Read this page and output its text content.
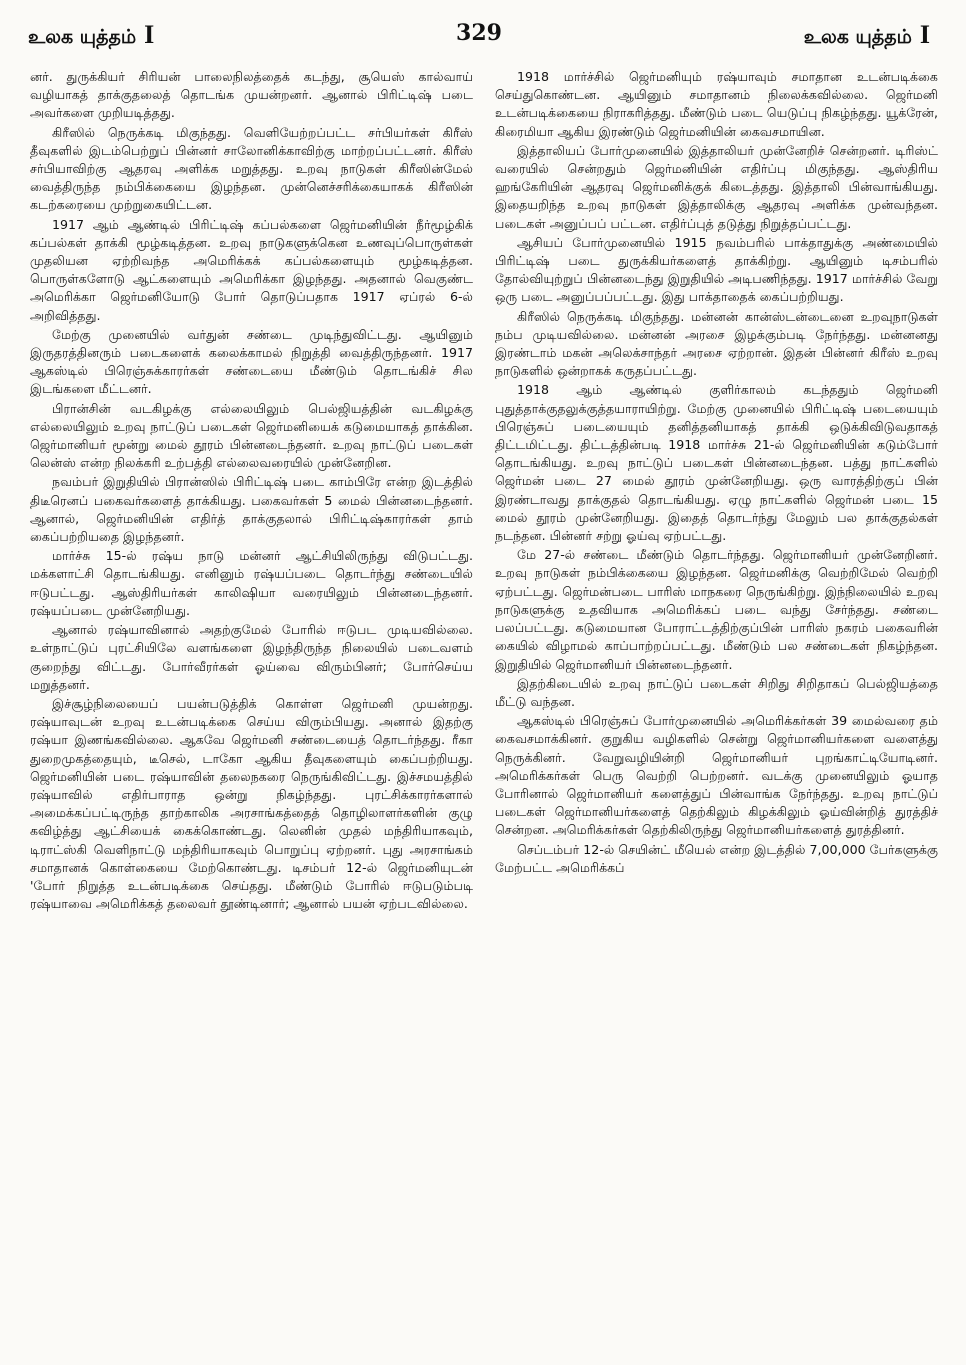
உலக யுத்தம் I	329	உலக யுத்தம் I

னர். துருக்கியர் சிரியன் பாலைநிலத்தைக் கடந்து, சூயெஸ் கால்வாய் வழியாகத் தாக்குதலைத் தொடங்க முயன்றனர். ஆனால் பிரிட்டிஷ் படை அவர்களை முறியடித்தது.

கிரீஸில் நெருக்கடி மிகுந்தது. வெளியேற்றப்பட்ட சர்பியர்கள் கிரீஸ் தீவுகளில் இடம்பெற்றுப் பின்னர் சாலோனிக்காவிற்கு மாற்றப்பட்டனர். கிரீஸ் சர்பியாவிற்கு ஆதரவு அளிக்க மறுத்தது. உறவு நாடுகள் கிரீஸின்மேல் வைத்திருந்த நம்பிக்கையை இழந்தன. முன்னெச்சரிக்கையாகக் கிரீஸின் கடற்கரையை முற்றுகையிட்டன.

1917 ஆம் ஆண்டில் பிரிட்டிஷ் கப்பல்களை ஜெர்மனியின் நீர்மூழ்கிக் கப்பல்கள் தாக்கி மூழ்கடித்தன. உறவு நாடுகளுக்கென உணவுப்பொருள்கள் முதலியன ஏற்றிவந்த அமெரிக்கக் கப்பல்களையும் மூழ்கடித்தன. பொருள்களோடு ஆட்களையும் அமெரிக்கா இழந்தது. அதனால் வெகுண்ட அமெரிக்கா ஜெர்மனியோடு போர் தொடுப்பதாக 1917 ஏப்ரல் 6-ல் அறிவித்தது.

மேற்கு முனையில் வர்துன் சண்டை முடிந்துவிட்டது. ஆயினும் இருதரத்தினரும் படைகளைக் கலைக்காமல் நிறுத்தி வைத்திருந்தனர். 1917 ஆகஸ்டில் பிரெஞ்சுக்காரர்கள் சண்டையை மீண்டும் தொடங்கிச் சில இடங்களை மீட்டனர்.

பிரான்சின் வடகிழக்கு எல்லையிலும் பெல்ஜியத்தின் வடகிழக்கு எல்லையிலும் உறவு நாட்டுப் படைகள் ஜெர்மனியைக் கடுமையாகத் தாக்கின. ஜெர்மானியர் மூன்று மைல் தூரம் பின்னடைந்தனர். உறவு நாட்டுப் படைகள் லென்ஸ் என்ற நிலக்கரி உற்பத்தி எல்லைவரையில் முன்னேறின.

நவம்பர் இறுதியில் பிரான்ஸில் பிரிட்டிஷ் படை காம்பிரே என்ற இடத்தில் திடீரெனப் பகைவர்களைத் தாக்கியது. பகைவர்கள் 5 மைல் பின்னடைந்தனர். ஆனால், ஜெர்மனியின் எதிர்த் தாக்குதலால் பிரிட்டிஷ்காரர்கள் தாம் கைப்பற்றியதை இழந்தனர்.

மார்ச்சு 15-ல் ரஷ்ய நாடு மன்னர் ஆட்சியிலிருந்து விடுபட்டது. மக்களாட்சி தொடங்கியது. எனினும் ரஷ்யப்படை தொடர்ந்து சண்டையில் ஈடுபட்டது. ஆஸ்திரியர்கள் காலிஷியா வரையிலும் பின்னடைந்தனர். ரஷ்யப்படை முன்னேறியது.

ஆனால் ரஷ்யாவினால் அதற்குமேல் போரில் ஈடுபட முடியவில்லை. உள்நாட்டுப் புரட்சியிலே வளங்களை இழந்திருந்த நிலையில் படைவளம் குறைந்து விட்டது. போர்வீரர்கள் ஓய்வை விரும்பினர்; போர்செய்ய மறுத்தனர்.

இச்சூழ்நிலையைப் பயன்படுத்திக் கொள்ள ஜெர்மனி முயன்றது. ரஷ்யாவுடன் உறவு உடன்படிக்கை செய்ய விரும்பியது. அனால் இதற்கு ரஷ்யா இணங்கவில்லை. ஆகவே ஜெர்மனி சண்டையைத் தொடர்ந்தது. ரீகா துறைமுகத்தையும், டீசெல், டாகோ ஆகிய தீவுகளையும் கைப்பற்றியது. ஜெர்மனியின் படை ரஷ்யாவின் தலைநகரை நெருங்கிவிட்டது. இச்சமயத்தில் ரஷ்யாவில் எதிர்பாராத ஒன்று நிகழ்ந்தது. புரட்சிக்காரர்களால் அமைக்கப்பட்டிருந்த தாற்காலிக அரசாங்கத்தைத் தொழிலாளர்களின் குழு கவிழ்த்து ஆட்சியைக் கைக்கொண்டது. லெனின் முதல் மந்திரியாகவும், டிராட்ஸ்கி வெளிநாட்டு மந்திரியாகவும் பொறுப்பு ஏற்றனர். புது அரசாங்கம் சமாதானக் கொள்கையை மேற்கொண்டது. டிசம்பர் 12-ல் ஜெர்மனியுடன் 'போர் நிறுத்த உடன்படிக்கை செய்தது. மீண்டும் போரில் ஈடுபடும்படி ரஷ்யாவை அமெரிக்கத் தலைவர் தூண்டினார்; ஆனால் பயன் ஏற்படவில்லை.

1918 மார்ச்சில் ஜெர்மனியும் ரஷ்யாவும் சமாதான உடன்படிக்கை செய்துகொண்டன. ஆயினும் சமாதானம் நிலைக்கவில்லை. ஜெர்மனி உடன்படிக்கையை நிராகரித்தது. மீண்டும் படை யெடுப்பு நிகழ்ந்தது. யூக்ரேன், கிரைமியா ஆகிய இரண்டும் ஜெர்மனியின் கைவசமாயின.

இத்தாலியப் போர்முனையில் இத்தாலியர் முன்னேறிச் சென்றனர். டிரிஸ்ட் வரையில் சென்றதும் ஜெர்மனியின் எதிர்ப்பு மிகுந்தது. ஆஸ்திரிய ஹங்கேரியின் ஆதரவு ஜெர்மனிக்குக் கிடைத்தது. இத்தாலி பின்வாங்கியது. இதையறிந்த உறவு நாடுகள் இத்தாலிக்கு ஆதரவு அளிக்க முன்வந்தன. படைகள் அனுப்பப் பட்டன. எதிர்ப்புத் தடுத்து நிறுத்தப்பட்டது.

ஆசியப் போர்முனையில் 1915 நவம்பரில் பாக்தாதுக்கு அண்மையில் பிரிட்டிஷ் படை துருக்கியர்களைத் தாக்கிற்று. ஆயினும் டிசம்பரில் தோல்வியுற்றுப் பின்னடைந்து இறுதியில் அடிபணிந்தது. 1917 மார்ச்சில் வேறு ஒரு படை அனுப்பப்பட்டது. இது பாக்தாதைக் கைப்பற்றியது.

கிரீஸில் நெருக்கடி மிகுந்தது. மன்னன் கான்ஸ்டன்டைனை உறவுநாடுகள் நம்ப முடியவில்லை. மன்னன் அரசை இழக்கும்படி நேர்ந்தது. மன்னனது இரண்டாம் மகன் அலெக்சாந்தர் அரசை ஏற்றான். இதன் பின்னர் கிரீஸ் உறவு நாடுகளில் ஒன்றாகக் கருதப்பட்டது.

1918 ஆம் ஆண்டில் குளிர்காலம் கடந்ததும் ஜெர்மனி புதுத்தாக்குதலுக்குத்தயாராயிற்று. மேற்கு முனையில் பிரிட்டிஷ் படையையும் பிரெஞ்சுப் படையையும் தனித்தனியாகத் தாக்கி ஒடுக்கிவிடுவதாகத் திட்டமிட்டது. திட்டத்தின்படி 1918 மார்ச்சு 21-ல் ஜெர்மனியின் கடும்போர் தொடங்கியது. உறவு நாட்டுப் படைகள் பின்னடைந்தன. பத்து நாட்களில் ஜெர்மன் படை 27 மைல் தூரம் முன்னேறியது. ஒரு வாரத்திற்குப் பின் இரண்டாவது தாக்குதல் தொடங்கியது. ஏழு நாட்களில் ஜெர்மன் படை 15 மைல் தூரம் முன்னேறியது. இதைத் தொடர்ந்து மேலும் பல தாக்குதல்கள் நடந்தன. பின்னர் சற்று ஓய்வு ஏற்பட்டது.

மே 27-ல் சண்டை மீண்டும் தொடர்ந்தது. ஜெர்மானியர் முன்னேறினர். உறவு நாடுகள் நம்பிக்கையை இழந்தன. ஜெர்மனிக்கு வெற்றிமேல் வெற்றி ஏற்பட்டது. ஜெர்மன்படை பாரிஸ் மாநகரை நெருங்கிற்று. இந்நிலையில் உறவு நாடுகளுக்கு உதவியாக அமெரிக்கப் படை வந்து சேர்ந்தது. சண்டை பலப்பட்டது. கடுமையான போராட்டத்திற்குப்பின் பாரிஸ் நகரம் பகைவரின் கையில் விழாமல் காப்பாற்றப்பட்டது. மீண்டும் பல சண்டைகள் நிகழ்ந்தன. இறுதியில் ஜெர்மானியர் பின்னடைந்தனர்.

இதற்கிடையில் உறவு நாட்டுப் படைகள் சிறிது சிறிதாகப் பெல்ஜியத்தை மீட்டு வந்தன.

ஆகஸ்டில் பிரெஞ்சுப் போர்முனையில் அமெரிக்கர்கள் 39 மைல்வரை தம் கைவசமாக்கினர். குறுகிய வழிகளில் சென்று ஜெர்மானியர்களை வளைத்து நெருக்கினர். வேறுவழியின்றி ஜெர்மானியர் புறங்காட்டியோடினர். அமெரிக்கர்கள் பெரு வெற்றி பெற்றனர். வடக்கு முனையிலும் ஓயாத போரினால் ஜெர்மானியர் களைத்துப் பின்வாங்க நேர்ந்தது. உறவு நாட்டுப் படைகள் ஜெர்மானியர்களைத் தெற்கிலும் கிழக்கிலும் ஓய்வின்றித் துரத்திச் சென்றன. அமெரிக்கர்கள் தெற்கிலிருந்து ஜெர்மானியர்களைத் துரத்தினர்.

செப்டம்பர் 12-ல் செயின்ட் மீயெல் என்ற இடத்தில் 7,00,000 பேர்களுக்கு மேற்பட்ட அமெரிக்கப்
